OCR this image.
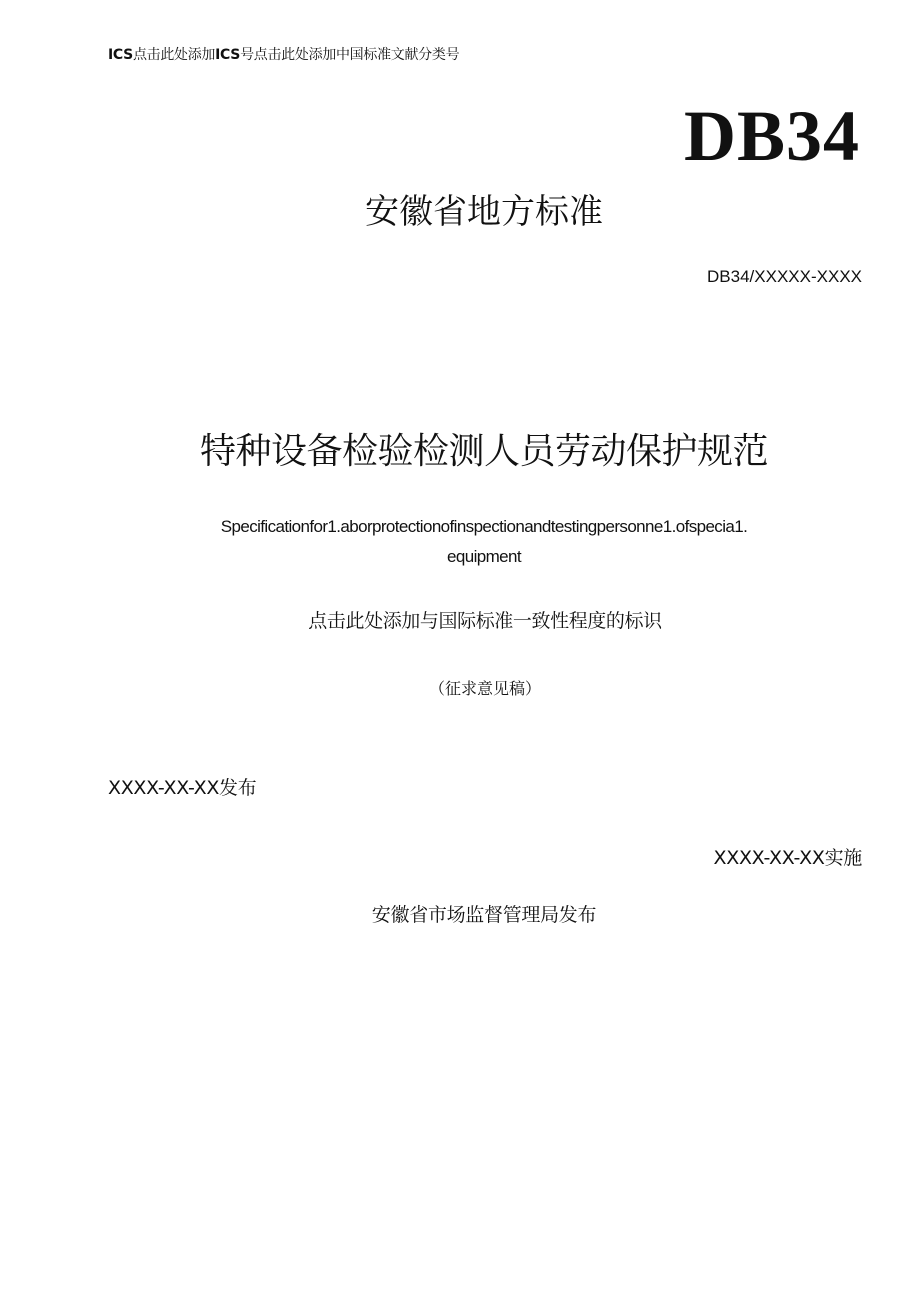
ICS点击此处添加ICS号点击此处添加中国标准文献分类号
DB34
安徽省地方标准
DB34/XXXXX-XXXX
特种设备检验检测人员劳动保护规范
Specificationfor1.aborprotectionofinspectionandtestingpersonne1.ofspecia1.
equipment
点击此处添加与国际标准一致性程度的标识
（征求意见稿）
XXXX-XX-XX发布
XXXX-XX-XX实施
安徽省市场监督管理局发布
